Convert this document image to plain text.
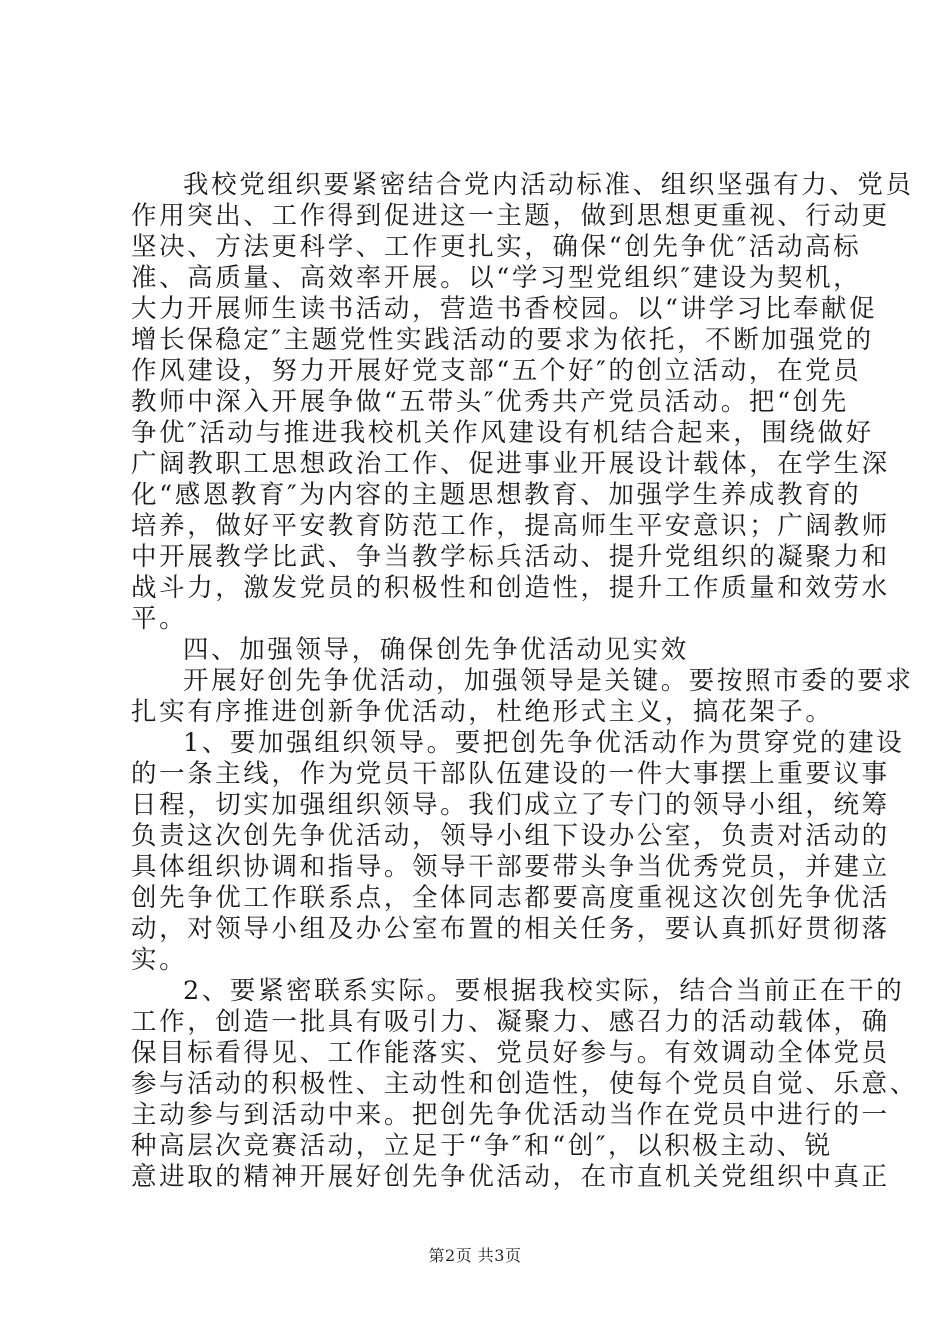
我校党组织要紧密结合党内活动标准、组织坚强有力、党员
作用突出、工作得到促进这一主题，做到思想更重视、行动更
坚决、方法更科学、工作更扎实，确保“创先争优″活动高标
准、高质量、高效率开展。以“学习型党组织″建设为契机，
大力开展师生读书活动，营造书香校园。以“讲学习比奉献促
增长保稳定″主题党性实践活动的要求为依托，不断加强党的
作风建设，努力开展好党支部“五个好″的创立活动，在党员
教师中深入开展争做“五带头″优秀共产党员活动。把“创先
争优″活动与推进我校机关作风建设有机结合起来，围绕做好
广阔教职工思想政治工作、促进事业开展设计载体，在学生深
化“感恩教育″为内容的主题思想教育、加强学生养成教育的
培养，做好平安教育防范工作，提高师生平安意识；广阔教师
中开展教学比武、争当教学标兵活动、提升党组织的凝聚力和
战斗力，激发党员的积极性和创造性，提升工作质量和效劳水
平。
四、加强领导，确保创先争优活动见实效
开展好创先争优活动，加强领导是关键。要按照市委的要求
扎实有序推进创新争优活动，杜绝形式主义，搞花架子。
1、要加强组织领导。要把创先争优活动作为贯穿党的建设
的一条主线，作为党员干部队伍建设的一件大事摆上重要议事
日程，切实加强组织领导。我们成立了专门的领导小组，统筹
负责这次创先争优活动，领导小组下设办公室，负责对活动的
具体组织协调和指导。领导干部要带头争当优秀党员，并建立
创先争优工作联系点，全体同志都要高度重视这次创先争优活
动，对领导小组及办公室布置的相关任务，要认真抓好贯彻落
实。
2、要紧密联系实际。要根据我校实际，结合当前正在干的
工作，创造一批具有吸引力、凝聚力、感召力的活动载体，确
保目标看得见、工作能落实、党员好参与。有效调动全体党员
参与活动的积极性、主动性和创造性，使每个党员自觉、乐意、
主动参与到活动中来。把创先争优活动当作在党员中进行的一
种高层次竞赛活动，立足于“争″和“创″，以积极主动、锐
意进取的精神开展好创先争优活动，在市直机关党组织中真正
第2页 共3页
